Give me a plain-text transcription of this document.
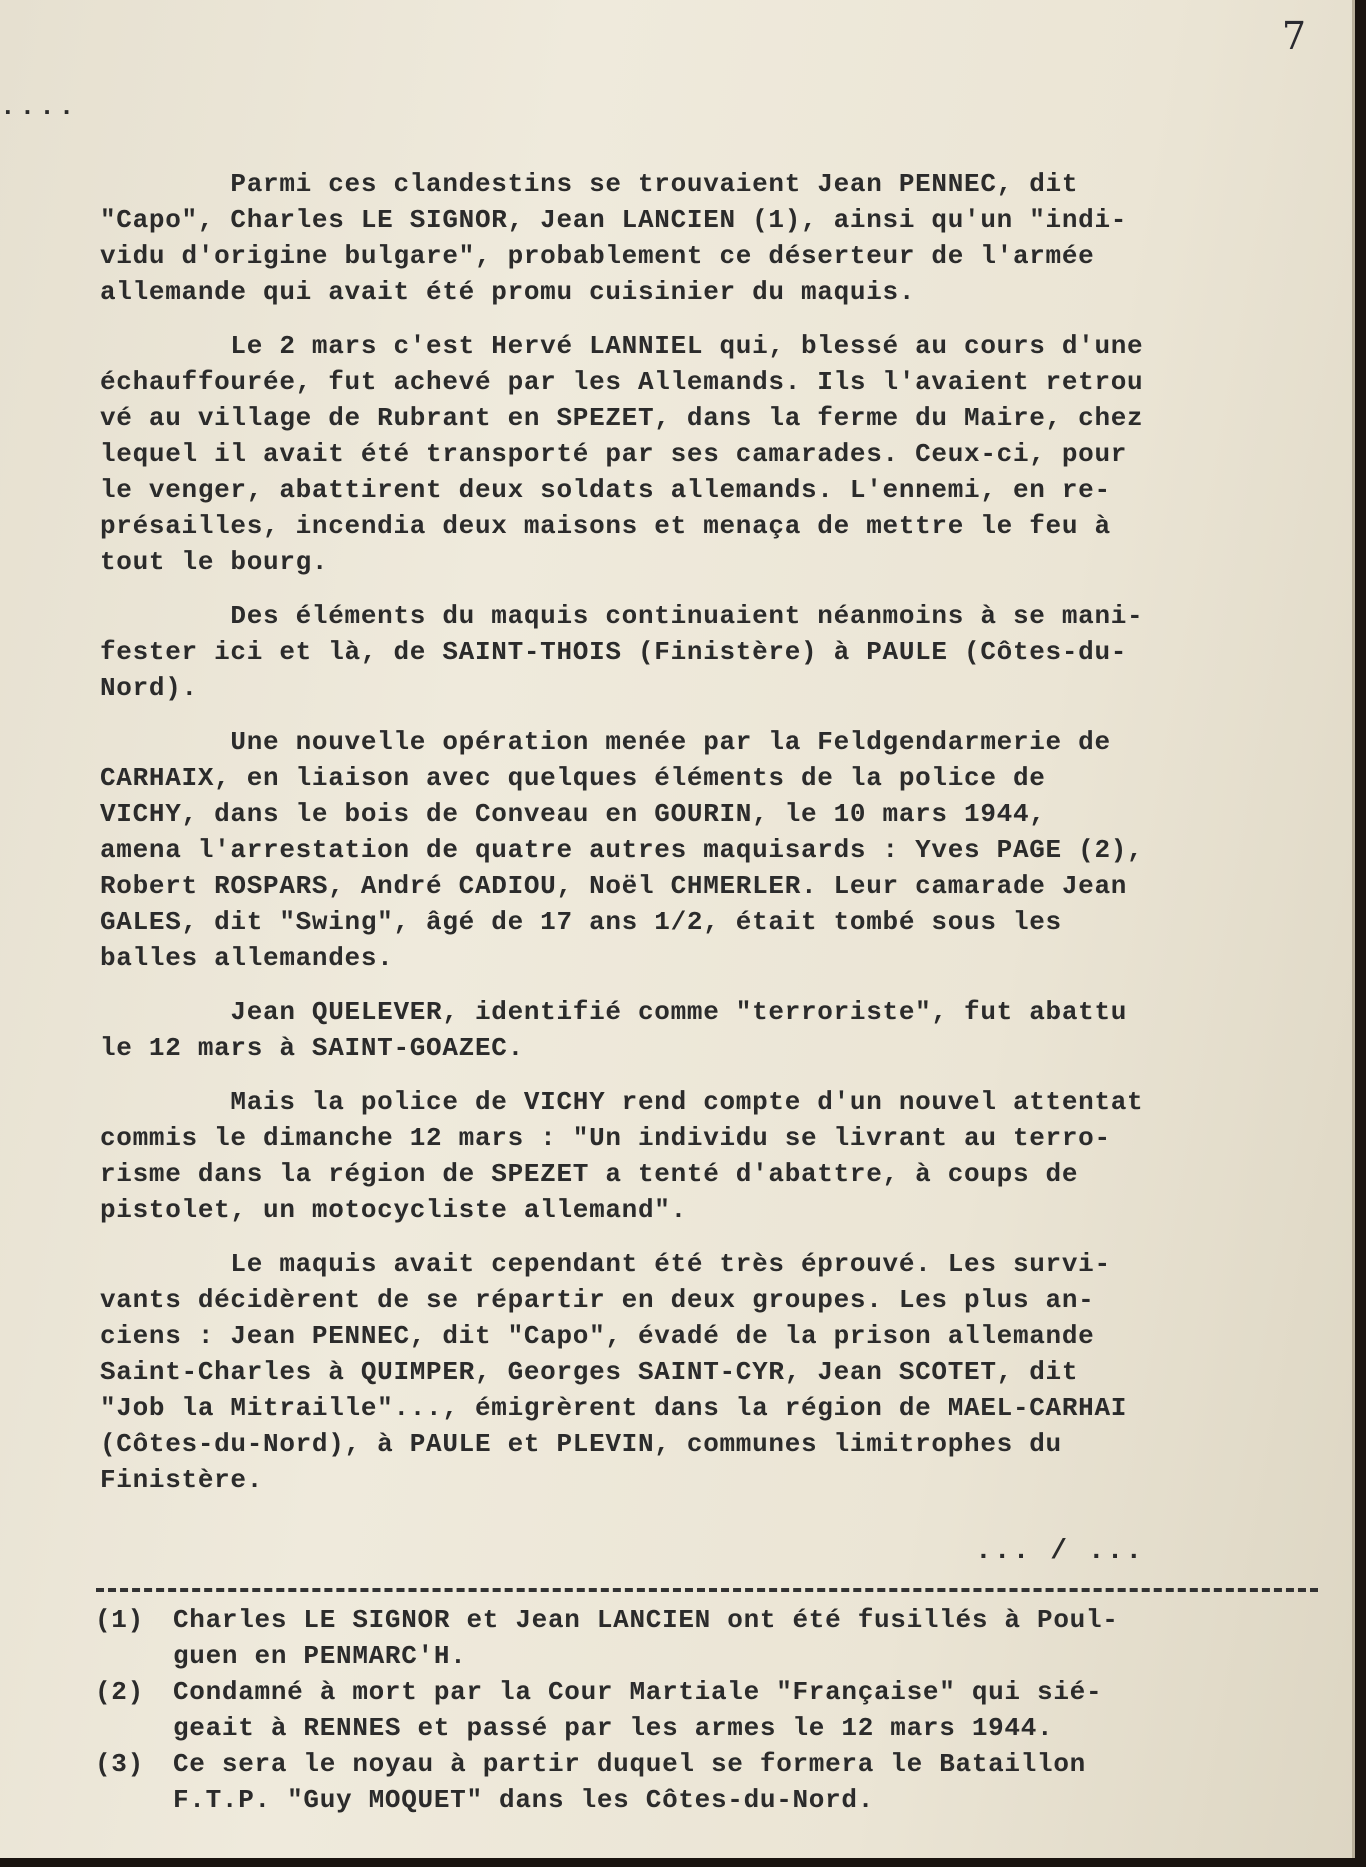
7
....
Parmi ces clandestins se trouvaient Jean PENNEC, dit
"Capo", Charles LE SIGNOR, Jean LANCIEN (1), ainsi qu'un "indi-
vidu d'origine bulgare", probablement ce déserteur de l'armée
allemande qui avait été promu cuisinier du maquis.
Le 2 mars c'est Hervé LANNIEL qui, blessé au cours d'une
échauffourée, fut achevé par les Allemands. Ils l'avaient retrou
vé au village de Rubrant en SPEZET, dans la ferme du Maire, chez
lequel il avait été transporté par ses camarades. Ceux-ci, pour
le venger, abattirent deux soldats allemands. L'ennemi, en re-
présailles, incendia deux maisons et menaça de mettre le feu à
tout le bourg.
Des éléments du maquis continuaient néanmoins à se mani-
fester ici et là, de SAINT-THOIS (Finistère) à PAULE (Côtes-du-
Nord).
Une nouvelle opération menée par la Feldgendarmerie de
CARHAIX, en liaison avec quelques éléments de la police de
VICHY, dans le bois de Conveau en GOURIN, le 10 mars 1944,
amena l'arrestation de quatre autres maquisards : Yves PAGE (2),
Robert ROSPARS, André CADIOU, Noël CHMERLER. Leur camarade Jean
GALES, dit "Swing", âgé de 17 ans 1/2, était tombé sous les
balles allemandes.
Jean QUELEVER, identifié comme "terroriste", fut abattu
le 12 mars à SAINT-GOAZEC.
Mais la police de VICHY rend compte d'un nouvel attentat
commis le dimanche 12 mars : "Un individu se livrant au terro-
risme dans la région de SPEZET a tenté d'abattre, à coups de
pistolet, un motocycliste allemand".
Le maquis avait cependant été très éprouvé. Les survi-
vants décidèrent de se répartir en deux groupes. Les plus an-
ciens : Jean PENNEC, dit "Capo", évadé de la prison allemande
Saint-Charles à QUIMPER, Georges SAINT-CYR, Jean SCOTET, dit
"Job la Mitraille"..., émigrèrent dans la région de MAEL-CARHAI
(Côtes-du-Nord), à PAULE et PLEVIN, communes limitrophes du
Finistère.
... / ...
(1)	Charles LE SIGNOR et Jean LANCIEN ont été fusillés à Poul-
guen en PENMARC'H.
(2)	Condamné à mort par la Cour Martiale "Française" qui sié-
geait à RENNES et passé par les armes le 12 mars 1944.
(3)	Ce sera le noyau à partir duquel se formera le Bataillon
F.T.P. "Guy MOQUET" dans les Côtes-du-Nord.
